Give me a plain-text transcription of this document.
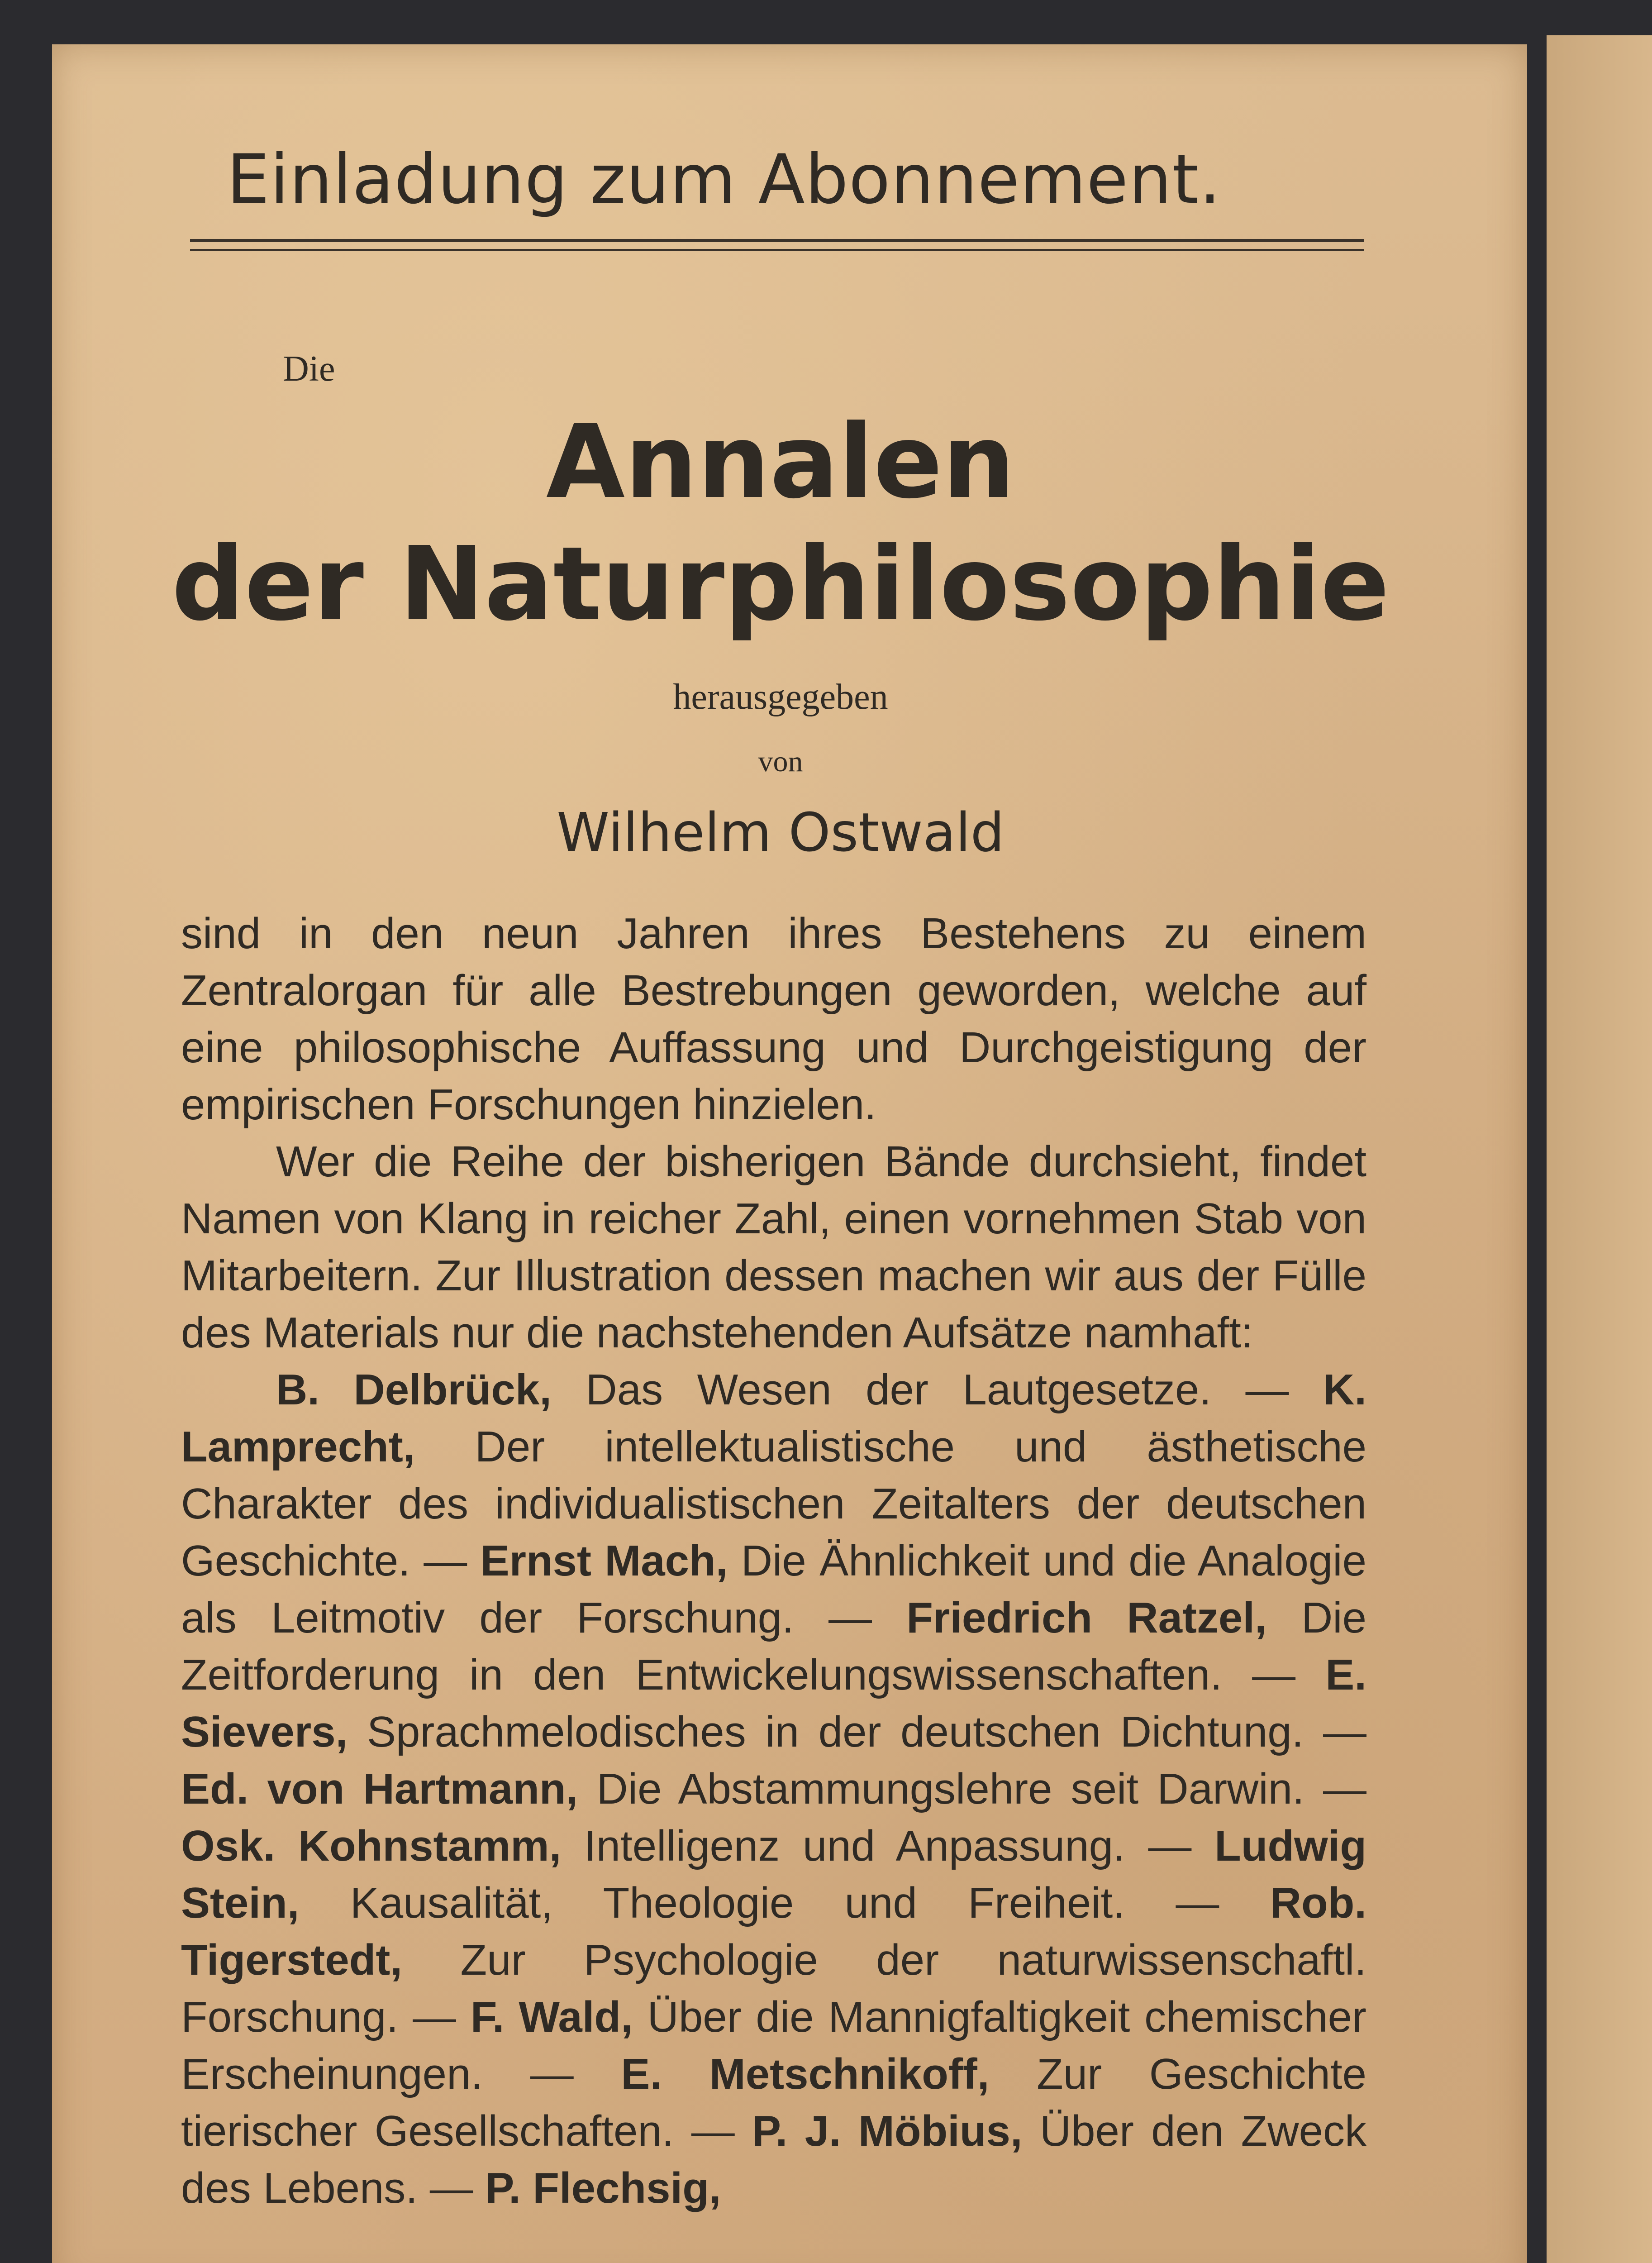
Einladung zum Abonnement.
Die
Annalen
der Naturphilosophie
herausgegeben
von
Wilhelm Ostwald

sind in den neun Jahren ihres Bestehens zu einem Zentralorgan für alle Bestrebungen geworden, welche auf eine philosophische Auffassung und Durchgeistigung der empirischen Forschungen hinzielen.

Wer die Reihe der bisherigen Bände durchsieht, findet Namen von Klang in reicher Zahl, einen vornehmen Stab von Mitarbeitern. Zur Illustration dessen machen wir aus der Fülle des Materials nur die nachstehenden Aufsätze namhaft:

B. Delbrück, Das Wesen der Lautgesetze. — K. Lamprecht, Der intellektualistische und ästhetische Charakter des individualistischen Zeitalters der deutschen Geschichte. — Ernst Mach, Die Ähnlichkeit und die Analogie als Leitmotiv der Forschung. — Friedrich Ratzel, Die Zeitforderung in den Entwickelungswissenschaften. — E. Sievers, Sprachmelodisches in der deutschen Dichtung. — Ed. von Hartmann, Die Abstammungslehre seit Darwin. — Osk. Kohnstamm, Intelligenz und Anpassung. — Ludwig Stein, Kausalität, Theologie und Freiheit. — Rob. Tigerstedt, Zur Psychologie der naturwissenschaftl. Forschung. — F. Wald, Über die Mannigfaltigkeit chemischer Erscheinungen. — E. Metschnikoff, Zur Geschichte tierischer Gesellschaften. — P. J. Möbius, Über den Zweck des Lebens. — P. Flechsig,
